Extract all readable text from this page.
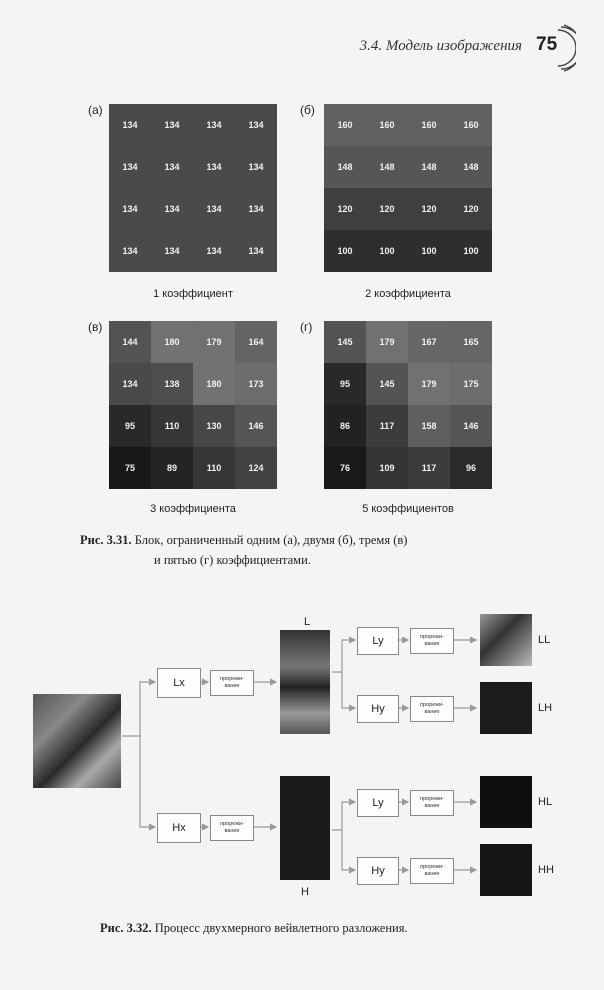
3.4. Модель изображения 75
(а)
134	134	134	134
134	134	134	134
134	134	134	134
134	134	134	134
1 коэффициент
(б)
160	160	160	160
148	148	148	148
120	120	120	120
100	100	100	100
2 коэффициента
(в)
144	180	179	164
134	138	180	173
95	110	130	146
75	89	110	124
3 коэффициента
(г)
145	179	167	165
95	145	179	175
86	117	158	146
76	109	117	96
5 коэффициентов
Рис. 3.31. Блок, ограниченный одним (а), двумя (б), тремя (в)
и пятью (г) коэффициентами.
Lx	прорежи-
вание
Hx	прорежи-
вание
L
H
Ly	прорежи-
вание
Hy	прорежи-
вание
Ly	прорежи-
вание
Hy	прорежи-
вание
LL
LH
HL
HH
Рис. 3.32. Процесс двухмерного вейвлетного разложения.
